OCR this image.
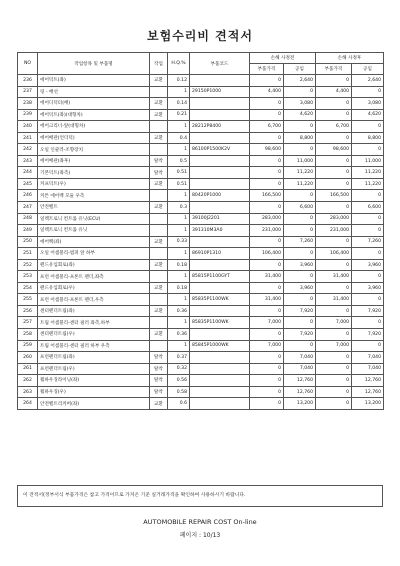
보험수리비 견적서
NO	작업항목 및 부품명	작업	H.Q.%	부품코드	손해 사정전		손해 사정후	
					부품가격	공임	부품가격	공임
236	에어덕트(좌)	교환	0.12		0	2,640	0	2,640
237	링 - 배선		1	29150P1000	4,400	0	4,400	0
238	에어디덕터(배)	교환	0.14		0	3,080	0	3,080
239	에어덕트(좌)(대형차)	교환	0.21		0	4,620	0	4,620
240	에어크리너-앞(대형차)		1	28212P8400	6,700	0	6,700	0
241	에어배관(언더덕)	교환	0.4		0	8,800	0	8,800
242	오일 인쿨러-조향장치		1	86100P1500K2V	98,600	0	98,600	0
243	에어배관(좌후)	탈착	0.5		0	11,000	0	11,000
244	기본덕트(좌측)	탈착	0.51		0	11,220	0	11,220
245	커프덕트(우)	교환	0.51		0	11,220	0	11,220
246	커튼 에어백 모듈 우측		1	80420P1000	166,500	0	166,500	0
247	안전벨트	교환	0.3		0	6,600	0	6,600
248	일렉트로닉 컨트롤 유닛(ECU)		1	39100J2201	283,000	0	283,000	0
249	일렉트로닉 컨트롤 유닛		1	391310M3A0	231,000	0	231,000	0
250	에어백(좌)	교환	0.33		0	7,260	0	7,260
251	오일 어셈블리-범퍼 앞 하부		1	86910P1310	106,400	0	106,400	0
252	펜드유입회로(좌)	교환	0.18		0	3,960	0	3,960
253	프런 어셈블리-프론트 펜더,좌측		1	85815P1100GYT	31,400	0	31,400	0
254	펜드유입회로(우)	교환	0.18		0	3,960	0	3,960
255	프런 어셈블리-프론트 펜더,우측		1	85835P1100WK	31,400	0	31,400	0
256	센터펜더트림(좌)	교환	0.36		0	7,920	0	7,920
257	트림 어셈블리-센터 필러 좌측,하부		1	85835P1100WK	7,000	0	7,000	0
258	센터펜더트림(우)	교환	0.36		0	7,920	0	7,920
259	트림 어셈블리-센터 필러 하부 우측		1	85845P1000WK	7,000	0	7,000	0
260	프런펜더트림(좌)	탈착	0.37		0	7,040	0	7,040
261	프런펜더트림(우)	탈착	0.32		0	7,040	0	7,040
262	휠하우징라이닝(좌)	탈착	0.56		0	12,760	0	12,760
263	휠하우징(우)	탈착	0.58		0	12,760	0	12,760
264	안전벨트리커버(좌)	교환	0.6		0	13,200	0	13,200
이 견적서(정부서식 부품가격은 참고 가격이므로 가져온 기준 실거래가격을 확인하여 사용하시기 바랍니다.
AUTOMOBILE REPAIR COST On-line
페이지 : 10/13
